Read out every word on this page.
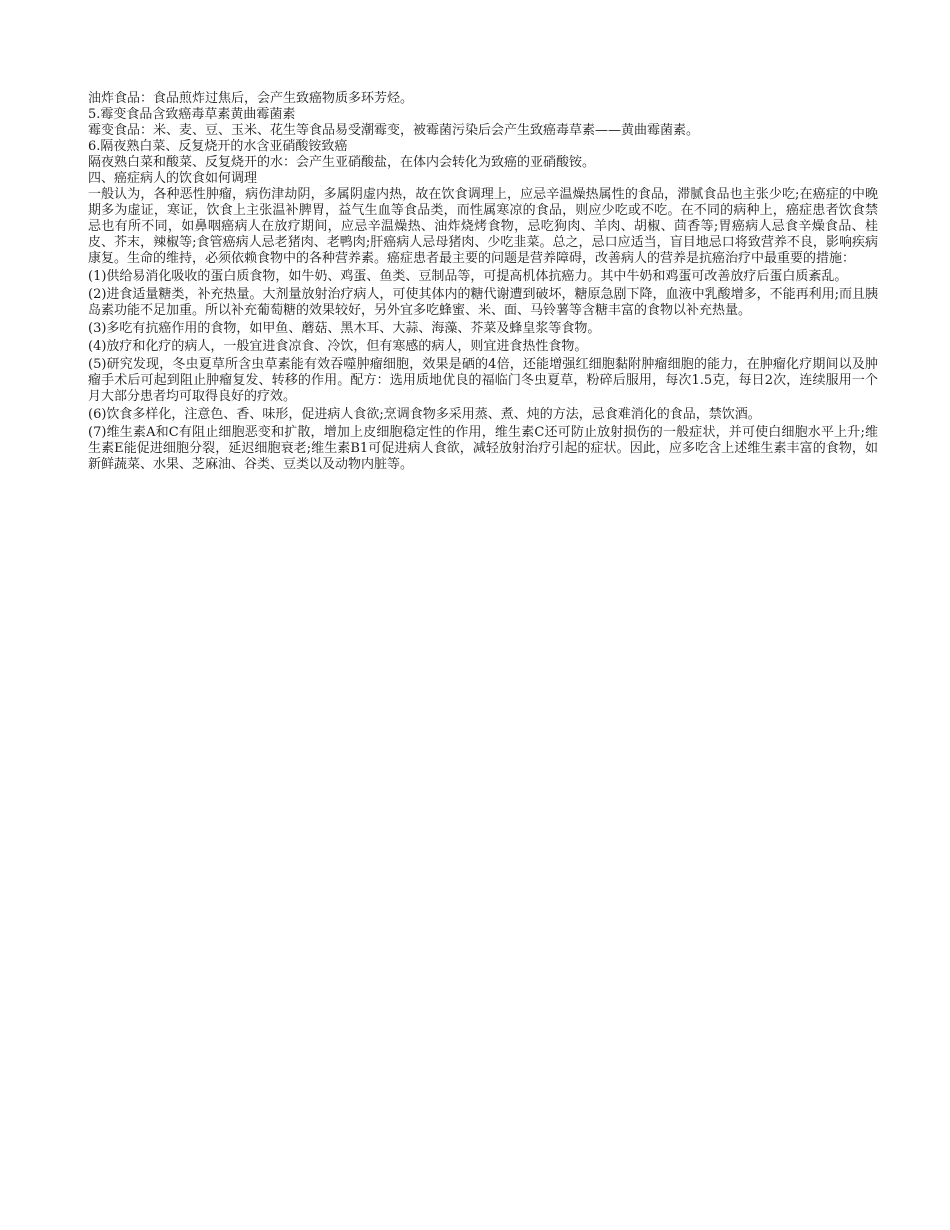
油炸食品：食品煎炸过焦后，会产生致癌物质多环芳烃。

5.霉变食品含致癌毒草素黄曲霉菌素

霉变食品：米、麦、豆、玉米、花生等食品易受潮霉变，被霉菌污染后会产生致癌毒草素——黄曲霉菌素。

6.隔夜熟白菜、反复烧开的水含亚硝酸铵致癌

隔夜熟白菜和酸菜、反复烧开的水：会产生亚硝酸盐，在体内会转化为致癌的亚硝酸铵。

四、癌症病人的饮食如何调理

一般认为，各种恶性肿瘤，病伤津劫阴，多属阴虚内热，故在饮食调理上，应忌辛温燥热属性的食品，滞腻食品也主张少吃;在癌症的中晚期多为虚证，寒证，饮食上主张温补脾胃，益气生血等食品类，而性属寒凉的食品，则应少吃或不吃。在不同的病种上，癌症患者饮食禁忌也有所不同，如鼻咽癌病人在放疗期间，应忌辛温燥热、油炸烧烤食物，忌吃狗肉、羊肉、胡椒、茴香等;胃癌病人忌食辛燥食品、桂皮、芥末，辣椒等;食管癌病人忌老猪肉、老鸭肉;肝癌病人忌母猪肉、少吃韭菜。总之，忌口应适当，盲目地忌口将致营养不良，影响疾病康复。生命的维持，必须依赖食物中的各种营养素。癌症患者最主要的问题是营养障碍，改善病人的营养是抗癌治疗中最重要的措施：

(1)供给易消化吸收的蛋白质食物，如牛奶、鸡蛋、鱼类、豆制品等，可提高机体抗癌力。其中牛奶和鸡蛋可改善放疗后蛋白质紊乱。

(2)进食适量糖类，补充热量。大剂量放射治疗病人，可使其体内的糖代谢遭到破坏，糖原急剧下降，血液中乳酸增多，不能再利用;而且胰岛素功能不足加重。所以补充葡萄糖的效果较好，另外宜多吃蜂蜜、米、面、马铃薯等含糖丰富的食物以补充热量。

(3)多吃有抗癌作用的食物，如甲鱼、蘑菇、黑木耳、大蒜、海藻、芥菜及蜂皇浆等食物。

(4)放疗和化疗的病人，一般宜进食凉食、冷饮，但有寒感的病人，则宜进食热性食物。

(5)研究发现，冬虫夏草所含虫草素能有效吞噬肿瘤细胞，效果是硒的4倍，还能增强红细胞黏附肿瘤细胞的能力，在肿瘤化疗期间以及肿瘤手术后可起到阻止肿瘤复发、转移的作用。配方：选用质地优良的福临门冬虫夏草，粉碎后服用，每次1.5克，每日2次，连续服用一个月大部分患者均可取得良好的疗效。

(6)饮食多样化，注意色、香、味形，促进病人食欲;烹调食物多采用蒸、煮、炖的方法，忌食难消化的食品，禁饮酒。

(7)维生素A和C有阻止细胞恶变和扩散，增加上皮细胞稳定性的作用，维生素C还可防止放射损伤的一般症状，并可使白细胞水平上升;维生素E能促进细胞分裂，延迟细胞衰老;维生素B1可促进病人食欲，减轻放射治疗引起的症状。因此，应多吃含上述维生素丰富的食物，如新鲜蔬菜、水果、芝麻油、谷类、豆类以及动物内脏等。
